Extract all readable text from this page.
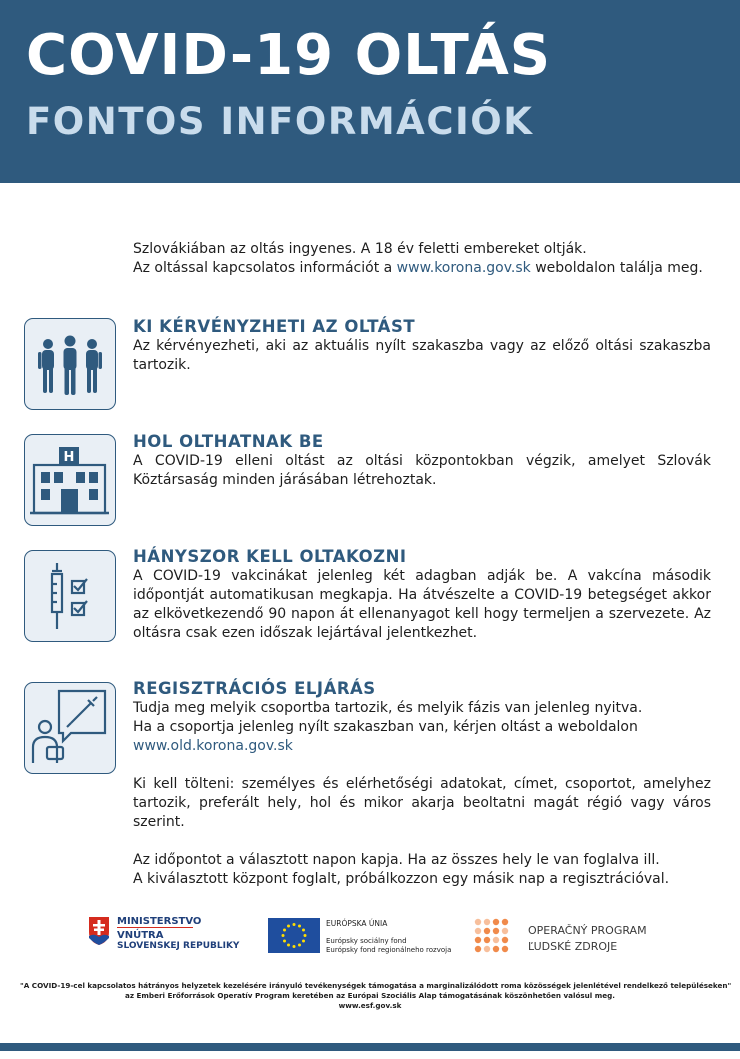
COVID-19 OLTÁS
FONTOS INFORMÁCIÓK
Szlovákiában az oltás ingyenes. A 18 év feletti embereket oltják.
Az oltással kapcsolatos információt a www.korona.gov.sk weboldalon találja meg.
KI KÉRVÉNYZHETI AZ OLTÁST
Az kérvényezheti, aki az aktuális nyílt szakaszba vagy az előző oltási szakaszba tartozik.
H
HOL OLTHATNAK BE
A COVID-19 elleni oltást az oltási központokban végzik, amelyet Szlovák Köztársaság minden járásában létrehoztak.
HÁNYSZOR KELL OLTAKOZNI
A COVID-19 vakcinákat jelenleg két adagban adják be. A vakcína második időpontját automatikusan megkapja. Ha átvészelte a COVID-19 betegséget akkor az elkövetkezendő 90 napon át ellenanyagot kell hogy termeljen a szervezete. Az oltásra csak ezen időszak lejártával jelentkezhet.
REGISZTRÁCIÓS ELJÁRÁS
Tudja meg melyik csoportba tartozik, és melyik fázis van jelenleg nyitva.
Ha a csoportja jelenleg nyílt szakaszban van, kérjen oltást a weboldalon
www.old.korona.gov.sk
Ki kell tölteni: személyes és elérhetőségi adatokat, címet, csoportot, amelyhez tartozik, preferált hely, hol és mikor akarja beoltatni magát régió vagy város szerint.
Az időpontot a választott napon kapja. Ha az összes hely le van foglalva ill.
A kiválasztott központ foglalt, próbálkozzon egy másik nap a regisztrációval.
MINISTERSTVO
VNÚTRA
SLOVENSKEJ REPUBLIKY
EURÓPSKA ÚNIA
Európsky sociálny fond
Európsky fond regionálneho rozvoja
OPERAČNÝ PROGRAM
ĽUDSKÉ ZDROJE
"A COVID-19-cel kapcsolatos hátrányos helyzetek kezelésére irányuló tevékenységek támogatása a marginalizálódott roma közösségek jelenlétével rendelkező településeken"
az Emberi Erőforrások Operatív Program keretében az Európai Szociális Alap támogatásának köszönhetően valósul meg.
www.esf.gov.sk
